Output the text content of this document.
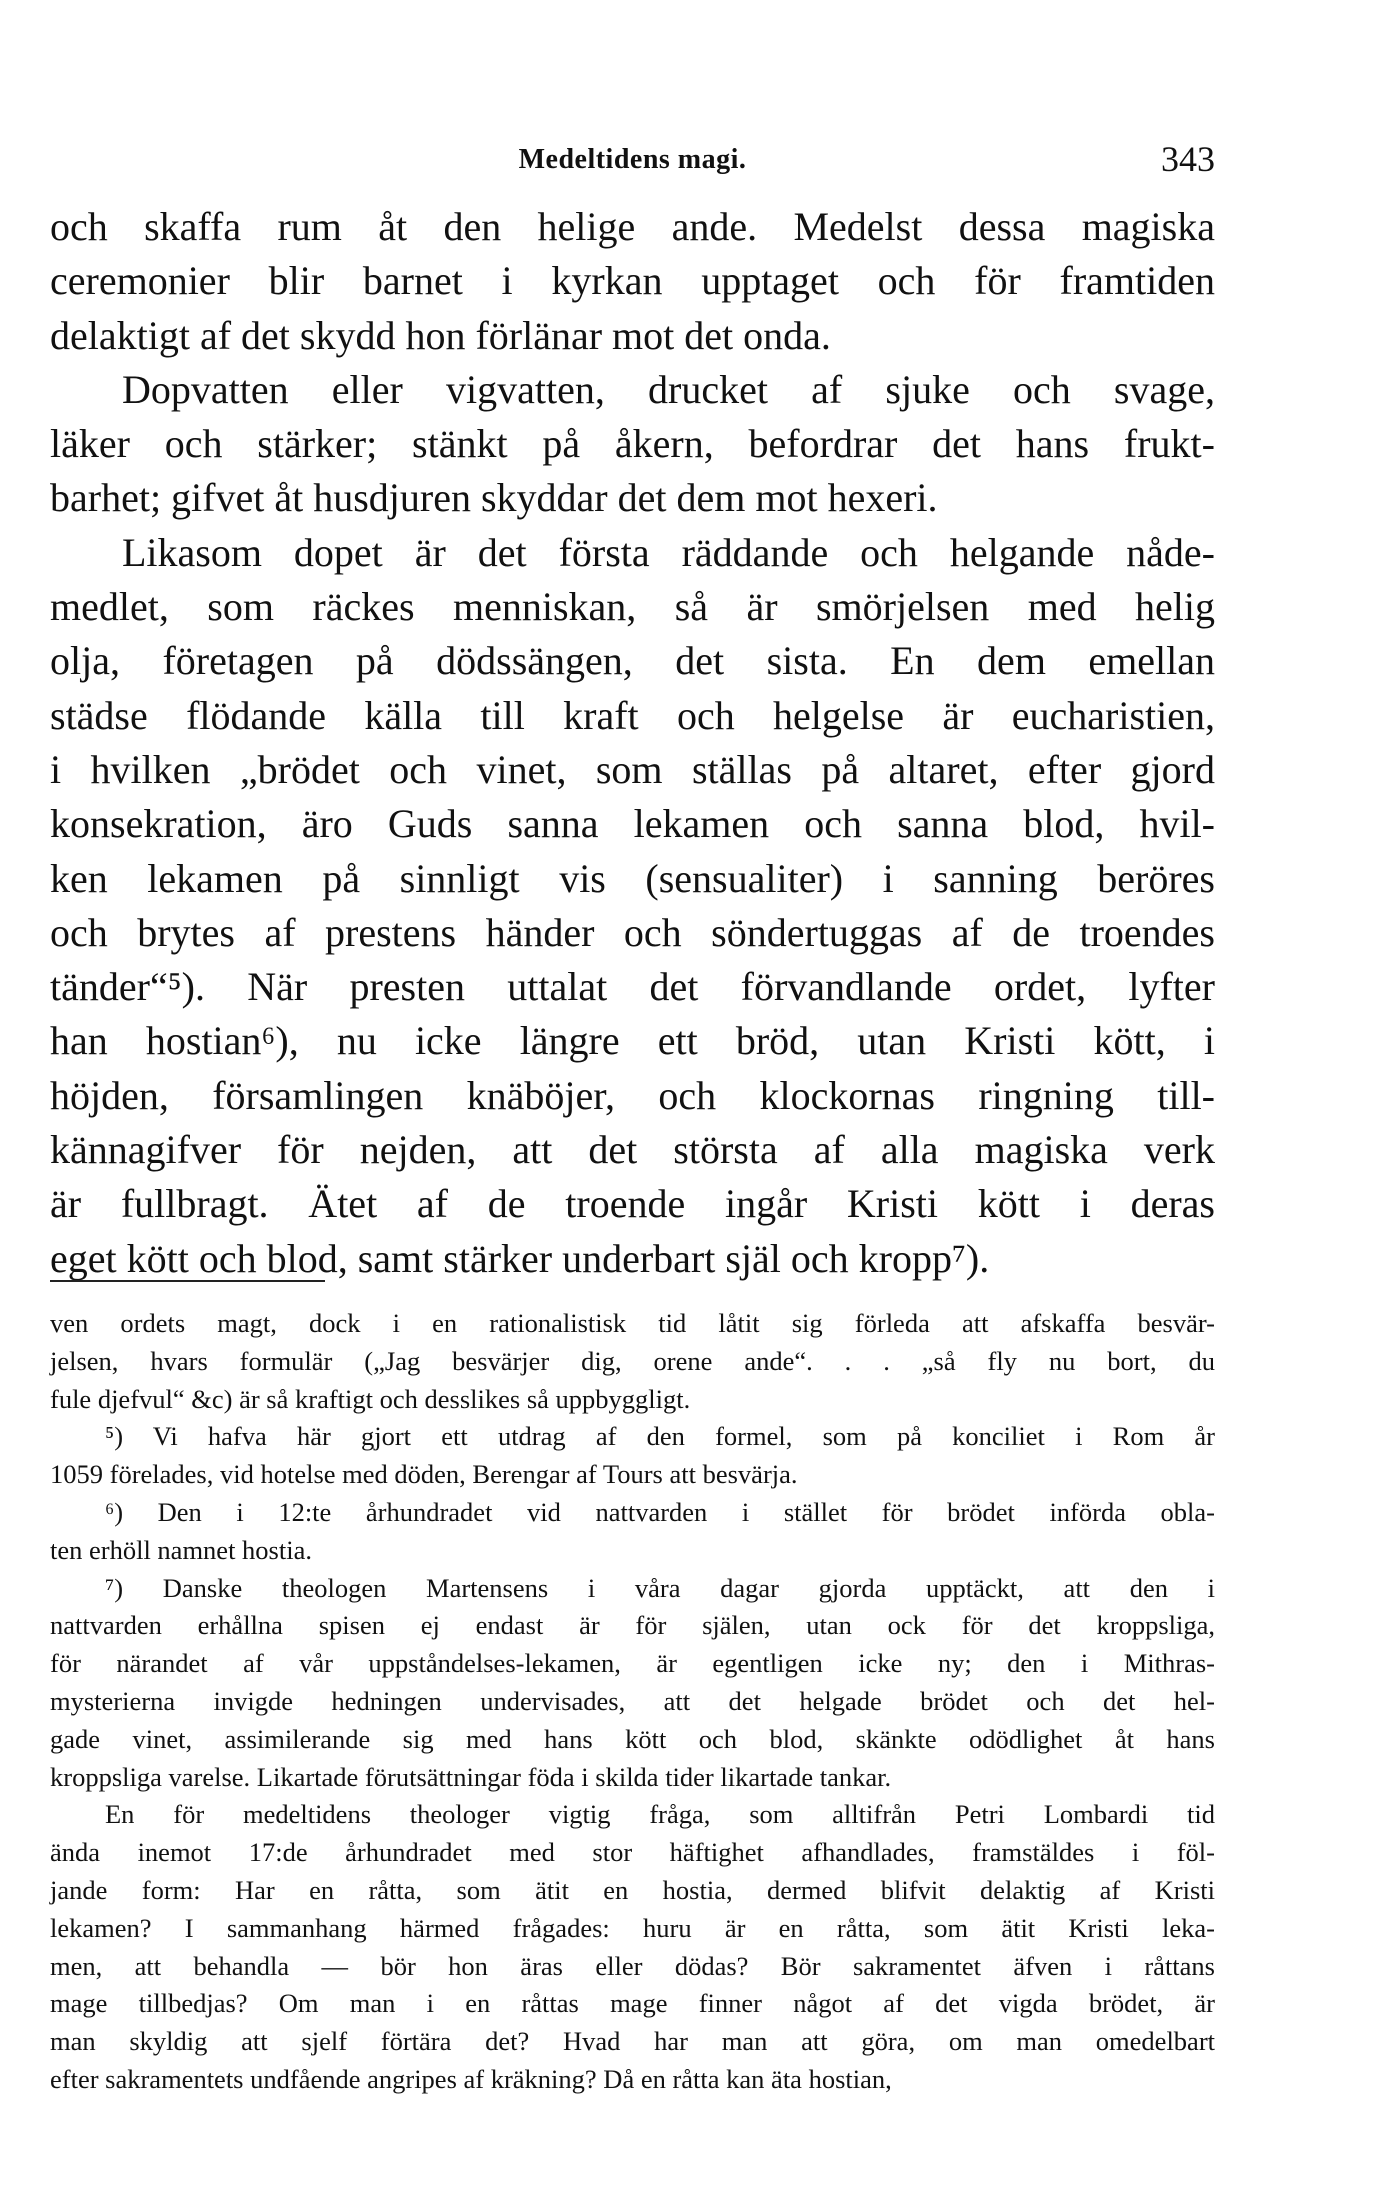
Medeltidens magi.	343
och skaffa rum åt den helige ande. Medelst dessa magiska
ceremonier blir barnet i kyrkan upptaget och för framtiden
delaktigt af det skydd hon förlänar mot det onda.
Dopvatten eller vigvatten, drucket af sjuke och svage,
läker och stärker; stänkt på åkern, befordrar det hans frukt-
barhet; gifvet åt husdjuren skyddar det dem mot hexeri.
Likasom dopet är det första räddande och helgande nåde-
medlet, som räckes menniskan, så är smörjelsen med helig
olja, företagen på dödssängen, det sista. En dem emellan
städse flödande källa till kraft och helgelse är eucharistien,
i hvilken „brödet och vinet, som ställas på altaret, efter gjord
konsekration, äro Guds sanna lekamen och sanna blod, hvil-
ken lekamen på sinnligt vis (sensualiter) i sanning beröres
och brytes af prestens händer och söndertuggas af de troendes
tänder“⁵). När presten uttalat det förvandlande ordet, lyfter
han hostian⁶), nu icke längre ett bröd, utan Kristi kött, i
höjden, församlingen knäböjer, och klockornas ringning till-
kännagifver för nejden, att det största af alla magiska verk
är fullbragt. Ätet af de troende ingår Kristi kött i deras
eget kött och blod, samt stärker underbart själ och kropp⁷).
ven ordets magt, dock i en rationalistisk tid låtit sig förleda att afskaffa besvär-
jelsen, hvars formulär („Jag besvärjer dig, orene ande“. . . „så fly nu bort, du
fule djefvul“ &c) är så kraftigt och desslikes så uppbyggligt.
⁵) Vi hafva här gjort ett utdrag af den formel, som på konciliet i Rom år
1059 förelades, vid hotelse med döden, Berengar af Tours att besvärja.
⁶) Den i 12:te århundradet vid nattvarden i stället för brödet införda obla-
ten erhöll namnet hostia.
⁷) Danske theologen Martensens i våra dagar gjorda upptäckt, att den i
nattvarden erhållna spisen ej endast är för själen, utan ock för det kroppsliga,
för närandet af vår uppståndelses-lekamen, är egentligen icke ny; den i Mithras-
mysterierna invigde hedningen undervisades, att det helgade brödet och det hel-
gade vinet, assimilerande sig med hans kött och blod, skänkte odödlighet åt hans
kroppsliga varelse. Likartade förutsättningar föda i skilda tider likartade tankar.
En för medeltidens theologer vigtig fråga, som alltifrån Petri Lombardi tid
ända inemot 17:de århundradet med stor häftighet afhandlades, framstäldes i föl-
jande form: Har en råtta, som ätit en hostia, dermed blifvit delaktig af Kristi
lekamen? I sammanhang härmed frågades: huru är en råtta, som ätit Kristi leka-
men, att behandla — bör hon äras eller dödas? Bör sakramentet äfven i råttans
mage tillbedjas? Om man i en råttas mage finner något af det vigda brödet, är
man skyldig att sjelf förtära det? Hvad har man att göra, om man omedelbart
efter sakramentets undfående angripes af kräkning? Då en råtta kan äta hostian,
